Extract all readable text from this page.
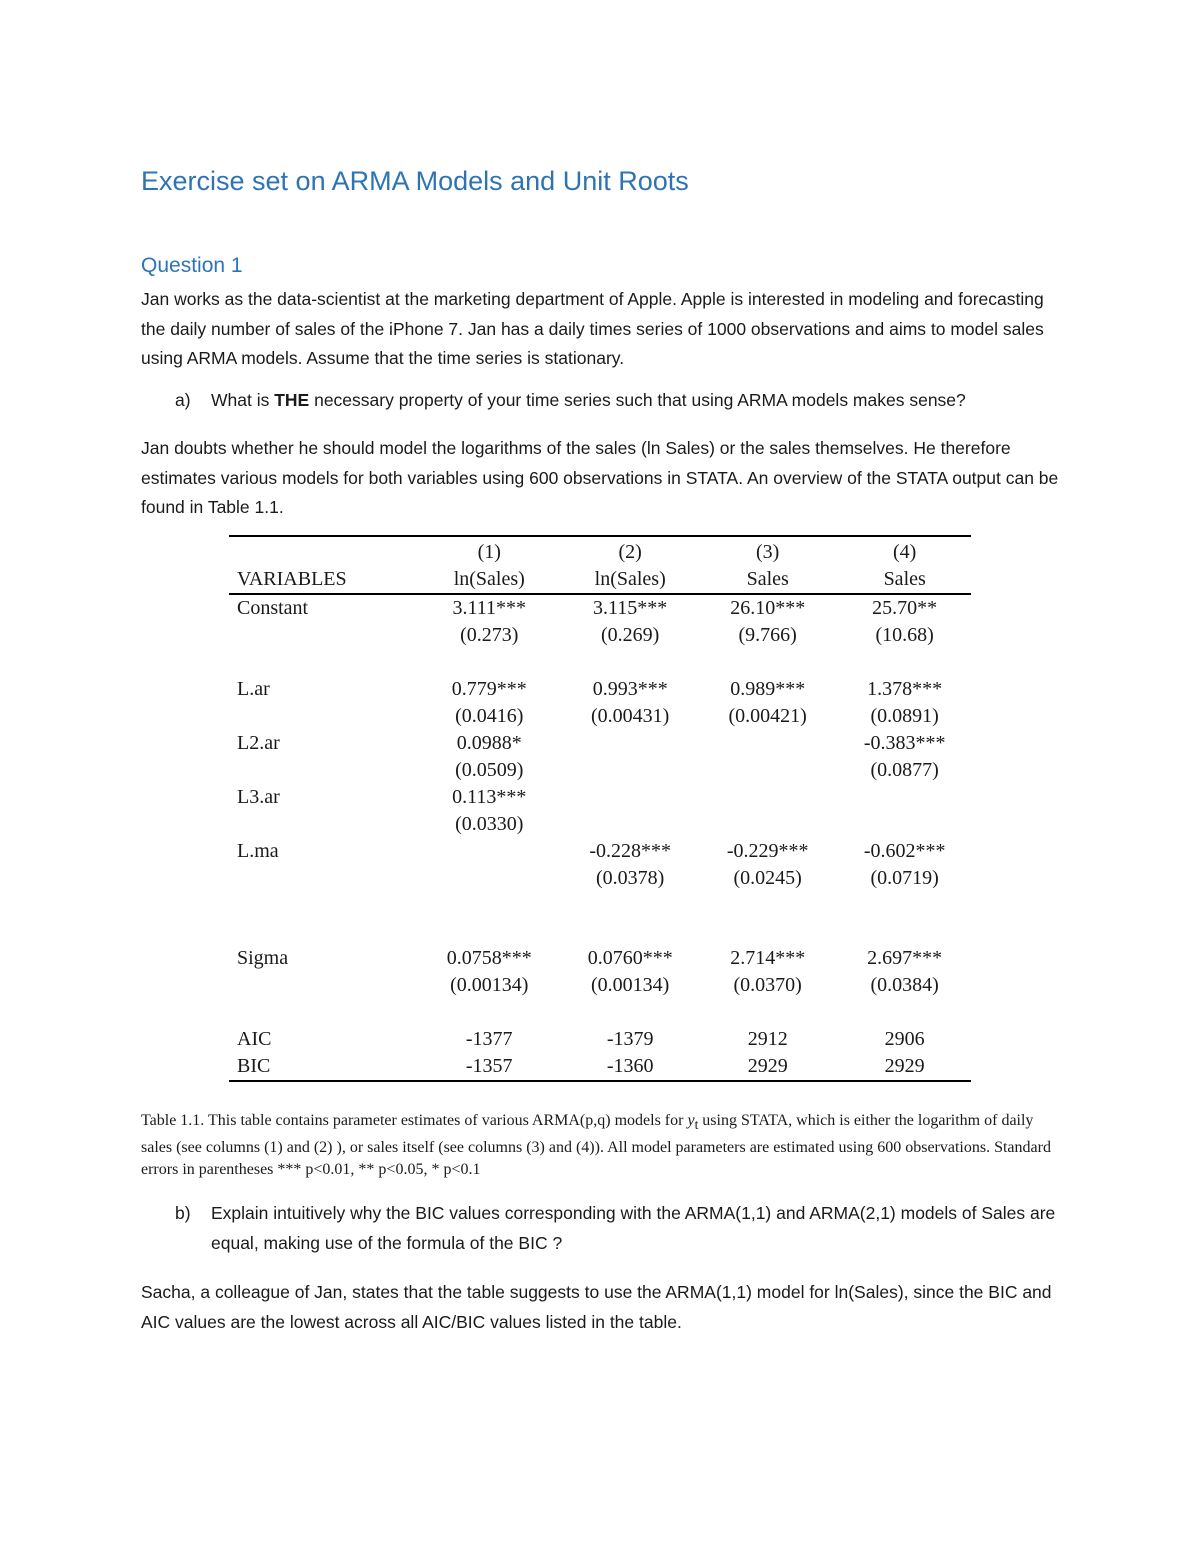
Exercise set on ARMA Models and Unit Roots
Question 1

Jan works as the data-scientist at the marketing department of Apple. Apple is interested in modeling and forecasting the daily number of sales of the iPhone 7. Jan has a daily times series of 1000 observations and aims to model sales using ARMA models. Assume that the time series is stationary.

a) What is THE necessary property of your time series such that using ARMA models makes sense?

Jan doubts whether he should model the logarithms of the sales (ln Sales) or the sales themselves. He therefore estimates various models for both variables using 600 observations in STATA. An overview of the STATA output can be found in Table 1.1.

	(1)	(2)	(3)	(4)
VARIABLES	ln(Sales)	ln(Sales)	Sales	Sales
Constant	3.111***	3.115***	26.10***	25.70**
	(0.273)	(0.269)	(9.766)	(10.68)

L.ar	0.779***	0.993***	0.989***	1.378***
	(0.0416)	(0.00431)	(0.00421)	(0.0891)
L2.ar	0.0988*			-0.383***
	(0.0509)			(0.0877)
L3.ar	0.113***			
	(0.0330)			
L.ma		-0.228***	-0.229***	-0.602***
		(0.0378)	(0.0245)	(0.0719)

Sigma	0.0758***	0.0760***	2.714***	2.697***
	(0.00134)	(0.00134)	(0.0370)	(0.0384)

AIC	-1377	-1379	2912	2906
BIC	-1357	-1360	2929	2929

Table 1.1. This table contains parameter estimates of various ARMA(p,q) models for $y_t$ using STATA, which is either the logarithm of daily sales (see columns (1) and (2) ), or sales itself (see columns (3) and (4)). All model parameters are estimated using 600 observations. Standard errors in parentheses *** p<0.01, ** p<0.05, * p<0.1

b)	Explain intuitively why the BIC values corresponding with the ARMA(1,1) and ARMA(2,1) models of Sales are equal, making use of the formula of the BIC ?

Sacha, a colleague of Jan, states that the table suggests to use the ARMA(1,1) model for ln(Sales), since the BIC and AIC values are the lowest across all AIC/BIC values listed in the table.
